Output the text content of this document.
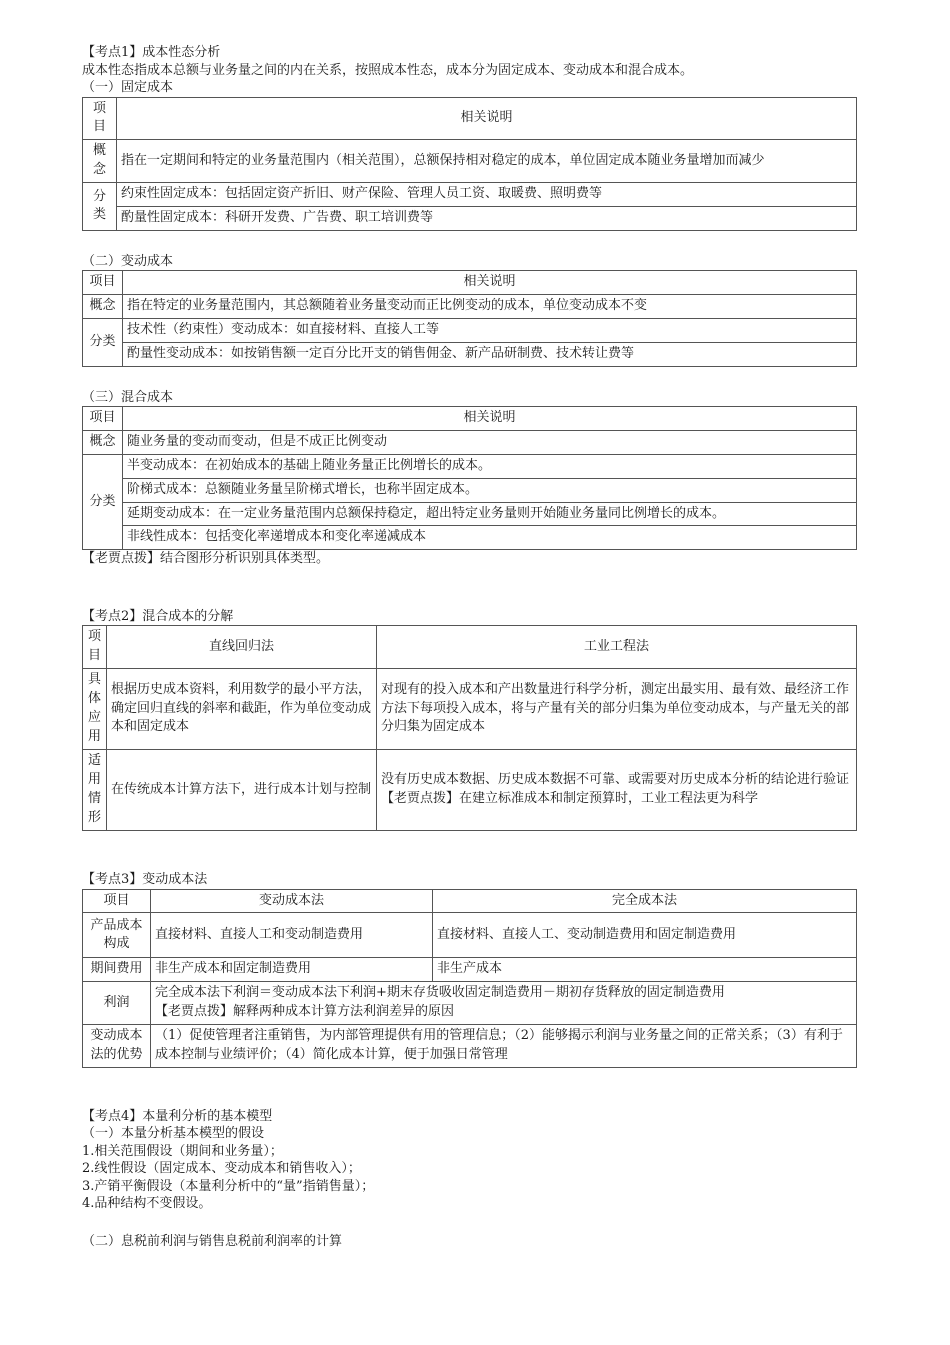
【考点1】成本性态分析

成本性态指成本总额与业务量之间的内在关系，按照成本性态，成本分为固定成本、变动成本和混合成本。

（一）固定成本

项目	相关说明
概念	指在一定期间和特定的业务量范围内（相关范围），总额保持相对稳定的成本，单位固定成本随业务量增加而减少
分类	约束性固定成本：包括固定资产折旧、财产保险、管理人员工资、取暖费、照明费等
	酌量性固定成本：科研开发费、广告费、职工培训费等

（二）变动成本

项目	相关说明
概念	指在特定的业务量范围内，其总额随着业务量变动而正比例变动的成本，单位变动成本不变
分类	技术性（约束性）变动成本：如直接材料、直接人工等
	酌量性变动成本：如按销售额一定百分比开支的销售佣金、新产品研制费、技术转让费等

（三）混合成本

项目	相关说明
概念	随业务量的变动而变动，但是不成正比例变动
分类	半变动成本：在初始成本的基础上随业务量正比例增长的成本。
	阶梯式成本：总额随业务量呈阶梯式增长，也称半固定成本。
	延期变动成本：在一定业务量范围内总额保持稳定，超出特定业务量则开始随业务量同比例增长的成本。
	非线性成本：包括变化率递增成本和变化率递减成本

【老贾点拨】结合图形分析识别具体类型。

【考点2】混合成本的分解

项目	直线回归法	工业工程法
具体应用	根据历史成本资料，利用数学的最小平方法，确定回归直线的斜率和截距，作为单位变动成本和固定成本	对现有的投入成本和产出数量进行科学分析，测定出最实用、最有效、最经济工作方法下每项投入成本，将与产量有关的部分归集为单位变动成本，与产量无关的部分归集为固定成本
适用情形	在传统成本计算方法下，进行成本计划与控制	没有历史成本数据、历史成本数据不可靠、或需要对历史成本分析的结论进行验证
【老贾点拨】在建立标准成本和制定预算时，工业工程法更为科学

【考点3】变动成本法

项目	变动成本法	完全成本法
产品成本构成	直接材料、直接人工和变动制造费用	直接材料、直接人工、变动制造费用和固定制造费用
期间费用	非生产成本和固定制造费用	非生产成本
利润	完全成本法下利润＝变动成本法下利润+期末存货吸收固定制造费用－期初存货释放的固定制造费用
【老贾点拨】解释两种成本计算方法利润差异的原因	

变动成本法的优势	（1）促使管理者注重销售，为内部管理提供有用的管理信息；（2）能够揭示利润与业务量之间的正常关系；（3）有利于成本控制与业绩评价；（4）简化成本计算，便于加强日常管理	

【考点4】本量利分析的基本模型

（一）本量分析基本模型的假设

1.相关范围假设（期间和业务量）；

2.线性假设（固定成本、变动成本和销售收入）；

3.产销平衡假设（本量利分析中的“量”指销售量）；

4.品种结构不变假设。

（二）息税前利润与销售息税前利润率的计算
